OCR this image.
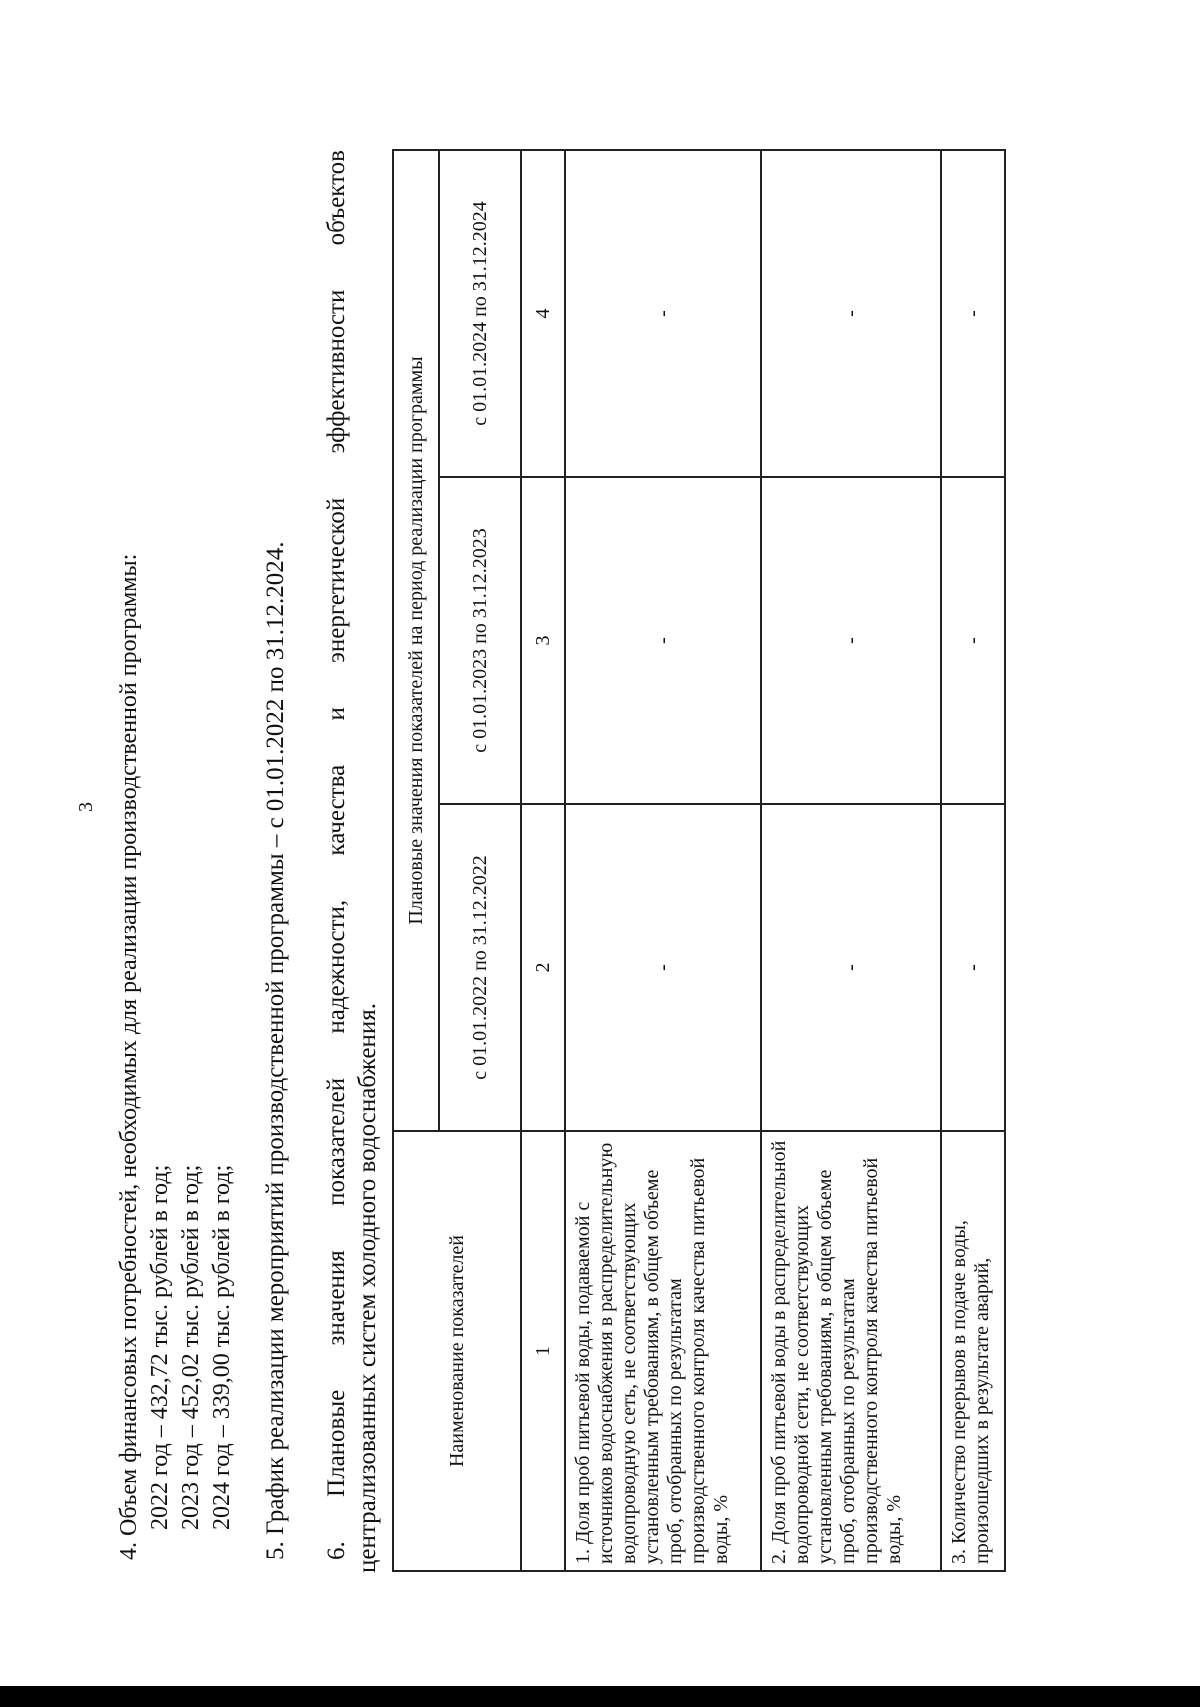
3 4. Объем финансовых потребностей, необходимых для реализации производственной программы: 2022 год – 432,72 тыс. рублей в год; 2023 год – 452,02 тыс. рублей в год; 2024 год – 339,00 тыс. рублей в год; 5. График реализации мероприятий производственной программы – с 01.01.2022 по 31.12.2024. 6. Плановые значения показателей надежности, качества и энергетической эффективности объектов централизованных систем холодного водоснабжения.	Наименование показателей	Плановые значения показателей на период реализации программы		
	с 01.01.2022 по 31.12.2022	с 01.01.2023 по 31.12.2023	с 01.01.2024 по 31.12.2024
1	2	3	4
1. Доля проб питьевой воды, подаваемой с источников водоснабжения в распределительную водопроводную сеть, не соответствующих установленным требованиям, в общем объеме проб, отобранных по результатам производственного контроля качества питьевой воды, %	-	-	-
2. Доля проб питьевой воды в распределительной водопроводной сети, не соответствующих установленным требованиям, в общем объеме проб, отобранных по результатам производственного контроля качества питьевой воды, %	-	-	-
3. Количество перерывов в подаче воды, произошедших в результате аварий,	-	-	-
